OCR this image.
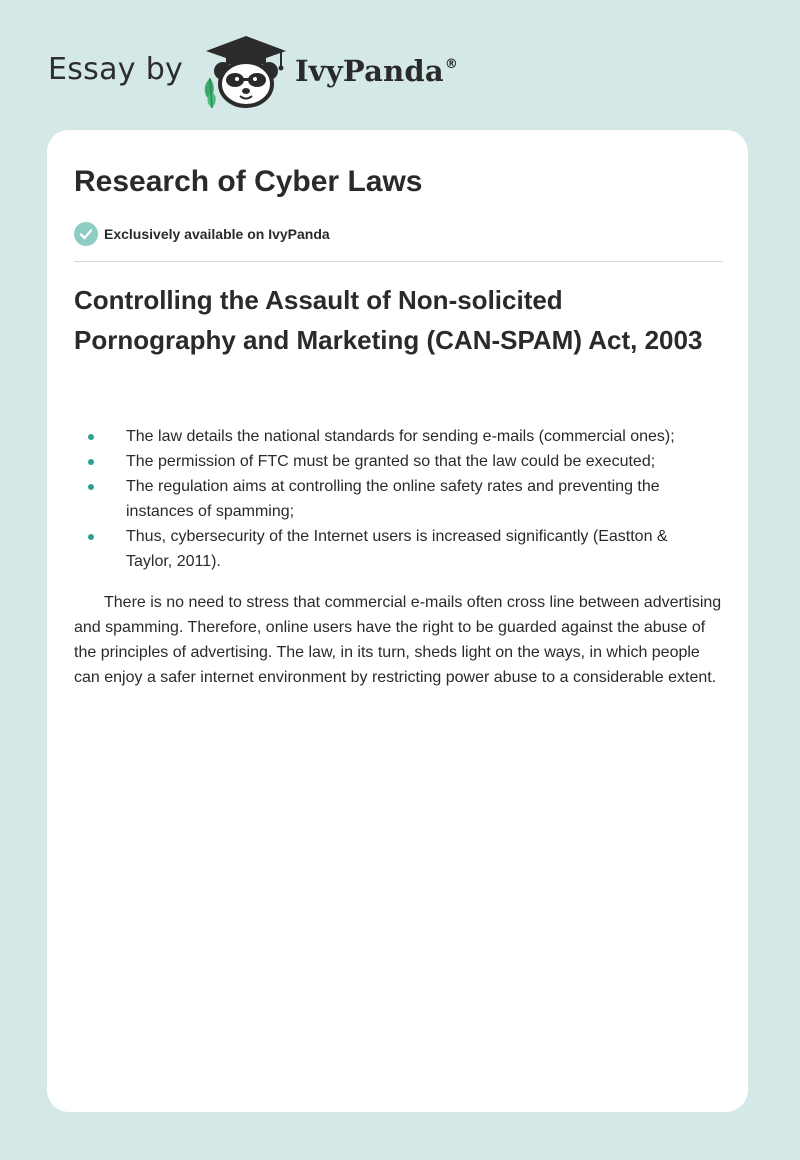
Essay by	IvyPanda®
Research of Cyber Laws
Exclusively available on IvyPanda
Controlling the Assault of Non-solicited Pornography and Marketing (CAN-SPAM) Act, 2003
The law details the national standards for sending e-mails (commercial ones);
The permission of FTC must be granted so that the law could be executed;
The regulation aims at controlling the online safety rates and preventing the instances of spamming;
Thus, cybersecurity of the Internet users is increased significantly (Eastton & Taylor, 2011).

There is no need to stress that commercial e-mails often cross line between advertising and spamming. Therefore, online users have the right to be guarded against the abuse of the principles of advertising. The law, in its turn, sheds light on the ways, in which people can enjoy a safer internet environment by restricting power abuse to a considerable extent.
